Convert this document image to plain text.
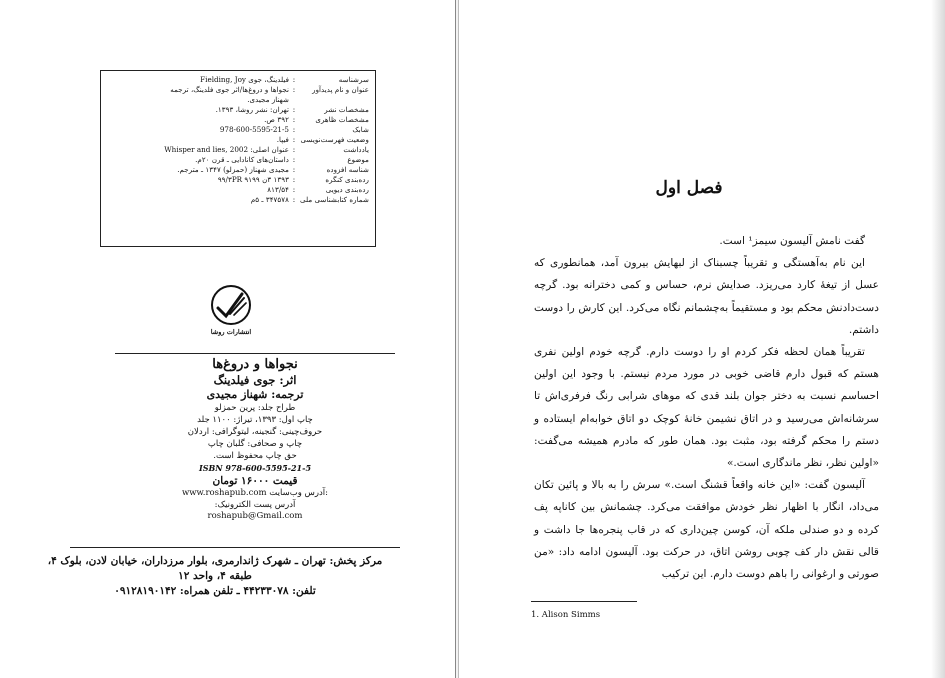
سرشناسه
:
فیلدینگ، جوی Fielding, Joy
عنوان و نام پدیدآور
:
نجواها و دروغ‌ها/اثر جوی فلدینگ، ترجمه
شهناز مجیدی.
مشخصات نشر
:
تهران: نشر روشا، ۱۳۹۳.
مشخصات ظاهری
:
۳۹۲ ص.
شابک
:
978-600-5595-21-5
وضعیت فهرست‌نویسی
:
فیپا.
یادداشت
:
عنوان اصلی: Whisper and lies, 2002
موضوع
:
داستان‌های کانادایی ـ قرن ۲۰م.
شناسه افزوده
:
مجیدی شهناز (حمزلو) ۱۳۴۷ ـ مترجم.
رده‌بندی کنگره
:
۱۳۹۳ ۳ن ۹۹/۳PR ۹۱۹۹
رده‌بندی دیویی
:
۸۱۳/۵۴
شماره کتابشناسی ملی
:
۳۴۷۵۷۸ ـ ۵م
انتشارات روشا
نجواها و دروغ‌ها
اثر: جوی فیلدینگ
ترجمه: شهناز مجیدی
طراح جلد: پرین حمزلو
چاپ اول: ۱۳۹۳، تیراژ: ۱۱۰۰ جلد
حروف‌چینی: گنجینه، لیتوگرافی: اردلان
چاپ و صحافی: گلبان چاپ
حق چاپ محفوظ است.
ISBN 978-600-5595-21-5
قیمت ۱۶۰۰۰ تومان
www.roshapub.com آدرس وب‌سایت:
آدرس پست الکترونیک:
roshapub@Gmail.com
مرکز پخش: تهران ـ شهرک ژاندارمری، بلوار مرزداران، خیابان لادن، بلوک ۴،
طبقه ۴، واحد ۱۲
تلفن: ۴۴۲۳۳۰۷۸ ـ تلفن همراه: ۰۹۱۲۸۱۹۰۱۴۲
فصل اول

گفت نامش آلیسون سیمز¹ است.

این نام به‌آهستگی و تقریباً چسبناک از لبهایش بیرون آمد، همانطوری که عسل از تیغهٔ کارد می‌ریزد. صدایش نرم، حساس و کمی دخترانه بود. گرچه دست‌دادنش محکم بود و مستقیماً به‌چشمانم نگاه می‌کرد. این کارش را دوست داشتم.

تقریباً همان لحظه فکر کردم او را دوست دارم. گرچه خودم اولین نفری هستم که قبول دارم قاضی خوبی در مورد مردم نیستم. با وجود این اولین احساسم نسبت به دختر جوان بلند قدی که موهای شرابی رنگ فرفری‌اش تا سرشانه‌اش می‌رسید و در اتاق نشیمن خانهٔ کوچک دو اتاق خوابه‌ام ایستاده و دستم را محکم گرفته بود، مثبت بود. همان طور که مادرم همیشه می‌گفت: «اولین نظر، نظر ماندگاری است.»

آلیسون گفت: «این خانه واقعاً قشنگ است.» سرش را به بالا و پائین تکان می‌داد، انگار با اظهار نظر خودش موافقت می‌کرد. چشمانش بین کاناپه پف کرده و دو صندلی ملکه آن، کوسن چین‌داری که در قاب پنجره‌ها جا داشت و قالی نقش دار کف چوبی روشن اتاق، در حرکت بود. آلیسون ادامه داد: «من صورتی و ارغوانی را باهم دوست دارم. این ترکیب

1. Alison Simms
